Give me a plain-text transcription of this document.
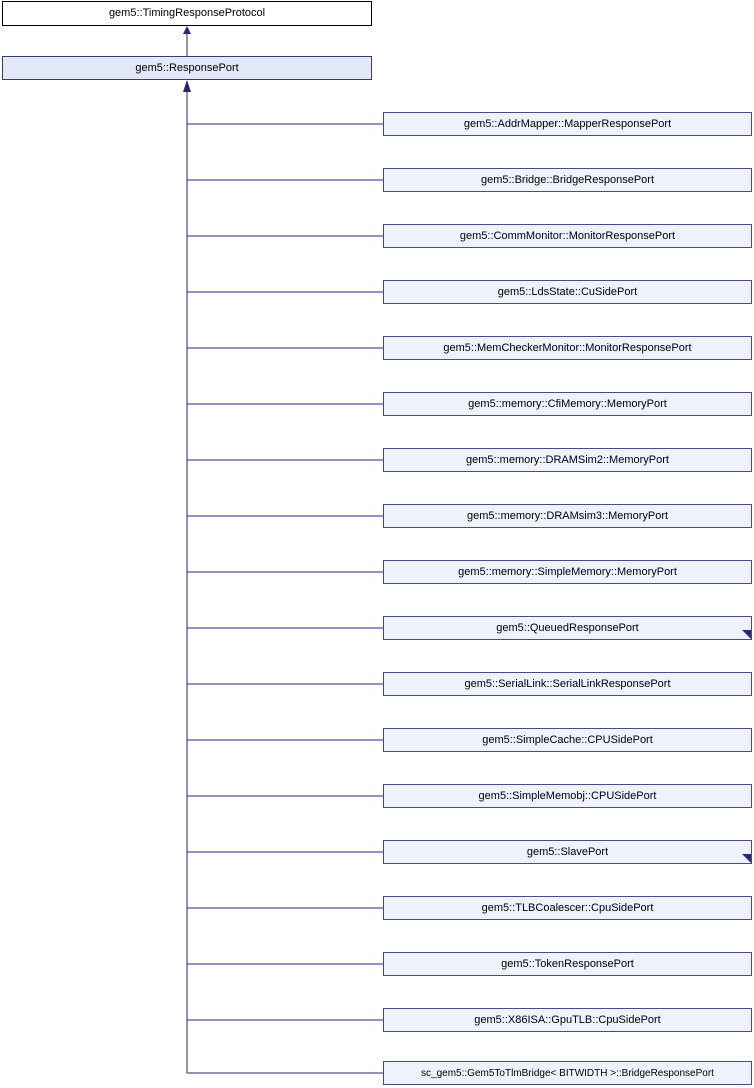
gem5::TimingResponseProtocol
gem5::ResponsePort
gem5::AddrMapper::MapperResponsePort
gem5::Bridge::BridgeResponsePort
gem5::CommMonitor::MonitorResponsePort
gem5::LdsState::CuSidePort
gem5::MemCheckerMonitor::MonitorResponsePort
gem5::memory::CfiMemory::MemoryPort
gem5::memory::DRAMSim2::MemoryPort
gem5::memory::DRAMsim3::MemoryPort
gem5::memory::SimpleMemory::MemoryPort
gem5::QueuedResponsePort
gem5::SerialLink::SerialLinkResponsePort
gem5::SimpleCache::CPUSidePort
gem5::SimpleMemobj::CPUSidePort
gem5::SlavePort
gem5::TLBCoalescer::CpuSidePort
gem5::TokenResponsePort
gem5::X86ISA::GpuTLB::CpuSidePort
sc_gem5::Gem5ToTlmBridge< BITWIDTH >::BridgeResponsePort
